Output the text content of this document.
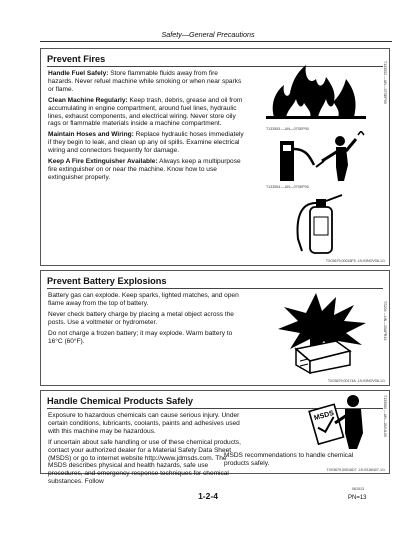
Safety—General Precautions
Prevent Fires

Handle Fuel Safely: Store flammable fluids away from fire hazards. Never refuel machine while smoking or when near sparks or flame.

Clean Machine Regularly: Keep trash, debris, grease and oil from accumulating in engine compartment, around fuel lines, hydraulic lines, exhaust components, and electrical wiring. Never store oily rags or flammable materials inside a machine compartment.

Maintain Hoses and Wiring: Replace hydraulic hoses immediately if they begin to leak, and clean up any oil spills. Examine electrical wiring and connectors frequently for damage.

Keep A Fire Extinguisher Available: Always keep a multipurpose fire extinguisher on or near the machine. Know how to use extinguisher properly.

T133552 —UN—07SEP00
T133553 —UN—07SEP00
T133554 —UN—07SEP00
TX03679,00016F5 -19-03NOV08-1/1
Prevent Battery Explosions

Battery gas can explode. Keep sparks, lighted matches, and open flame away from the top of battery.

Never check battery charge by placing a metal object across the posts. Use a voltmeter or hydrometer.

Do not charge a frozen battery; it may explode. Warm battery to 16°C (60°F).

TS204 —UN—15APR13
TX03679,00174A -19-03NOV08-1/1
Handle Chemical Products Safely

Exposure to hazardous chemicals can cause serious injury. Under certain conditions, lubricants, coolants, paints and adhesives used with this machine may be hazardous.

If uncertain about safe handling or use of these chemical products, contact your authorized dealer for a Material Safety Data Sheet (MSDS) or go to internet website http://www.jdmsds.com. The MSDS describes physical and health hazards, safe use procedures, and emergency response techniques for chemical substances. Follow

MSDS	T133580 —UN—28JUL00
MSDS recommendations to handle chemical products safely.
TX03679,00016D7 -19-03JAN07-1/1
061513
1-2-4	PN=13
